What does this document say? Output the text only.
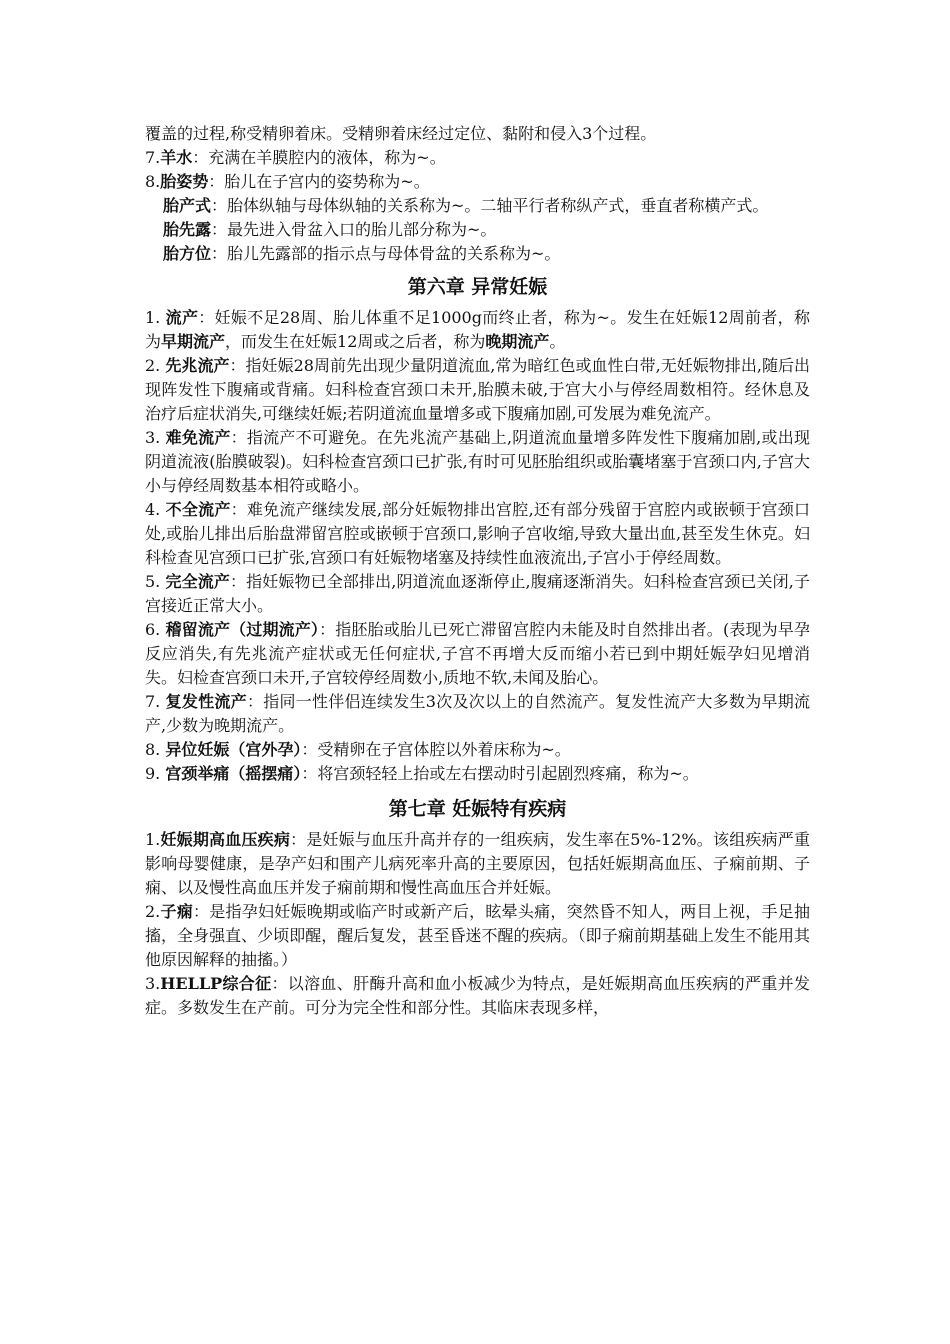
覆盖的过程,称受精卵着床。受精卵着床经过定位、黏附和侵入3个过程。

7.羊水：充满在羊膜腔内的液体，称为~。

8.胎姿势：胎儿在子宫内的姿势称为~。

胎产式：胎体纵轴与母体纵轴的关系称为~。二轴平行者称纵产式，垂直者称横产式。

胎先露：最先进入骨盆入口的胎儿部分称为~。

胎方位：胎儿先露部的指示点与母体骨盆的关系称为~。

第六章 异常妊娠

1. 流产：妊娠不足28周、胎儿体重不足1000g而终止者，称为~。发生在妊娠12周前者，称为早期流产，而发生在妊娠12周或之后者，称为晚期流产。

2. 先兆流产：指妊娠28周前先出现少量阴道流血,常为暗红色或血性白带,无妊娠物排出,随后出现阵发性下腹痛或背痛。妇科检查宫颈口未开,胎膜未破,于宫大小与停经周数相符。经休息及治疗后症状消失,可继续妊娠;若阴道流血量增多或下腹痛加剧,可发展为难免流产。

3. 难免流产：指流产不可避免。在先兆流产基础上,阴道流血量增多阵发性下腹痛加剧,或出现阴道流液(胎膜破裂)。妇科检查宫颈口已扩张,有时可见胚胎组织或胎囊堵塞于宫颈口内,子宫大小与停经周数基本相符或略小。

4. 不全流产：难免流产继续发展,部分妊娠物排出宫腔,还有部分残留于宫腔内或嵌顿于宫颈口处,或胎儿排出后胎盘滞留宫腔或嵌顿于宫颈口,影响子宫收缩,导致大量出血,甚至发生休克。妇科检查见宫颈口已扩张,宫颈口有妊娠物堵塞及持续性血液流出,子宫小于停经周数。

5. 完全流产：指妊娠物已全部排出,阴道流血逐渐停止,腹痛逐渐消失。妇科检查宫颈已关闭,子宫接近正常大小。

6. 稽留流产（过期流产）：指胚胎或胎儿已死亡滞留宫腔内未能及时自然排出者。(表现为早孕反应消失,有先兆流产症状或无任何症状,子宫不再增大反而缩小若已到中期妊娠孕妇见增消失。妇检查宫颈口未开,子宫较停经周数小,质地不软,未闻及胎心。

7. 复发性流产：指同一性伴侣连续发生3次及次以上的自然流产。复发性流产大多数为早期流产,少数为晚期流产。

8. 异位妊娠（宫外孕）：受精卵在子宫体腔以外着床称为~。

9. 宫颈举痛（摇摆痛）：将宫颈轻轻上抬或左右摆动时引起剧烈疼痛，称为~。

第七章 妊娠特有疾病

1.妊娠期高血压疾病：是妊娠与血压升高并存的一组疾病，发生率在5%-12%。该组疾病严重影响母婴健康，是孕产妇和围产儿病死率升高的主要原因，包括妊娠期高血压、子痫前期、子痫、以及慢性高血压并发子痫前期和慢性高血压合并妊娠。

2.子痫：是指孕妇妊娠晚期或临产时或新产后，眩晕头痛，突然昏不知人，两目上视，手足抽搐，全身强直、少顷即醒，醒后复发，甚至昏迷不醒的疾病。（即子痫前期基础上发生不能用其他原因解释的抽搐。）

3.HELLP综合征：以溶血、肝酶升高和血小板减少为特点，是妊娠期高血压疾病的严重并发症。多数发生在产前。可分为完全性和部分性。其临床表现多样，
